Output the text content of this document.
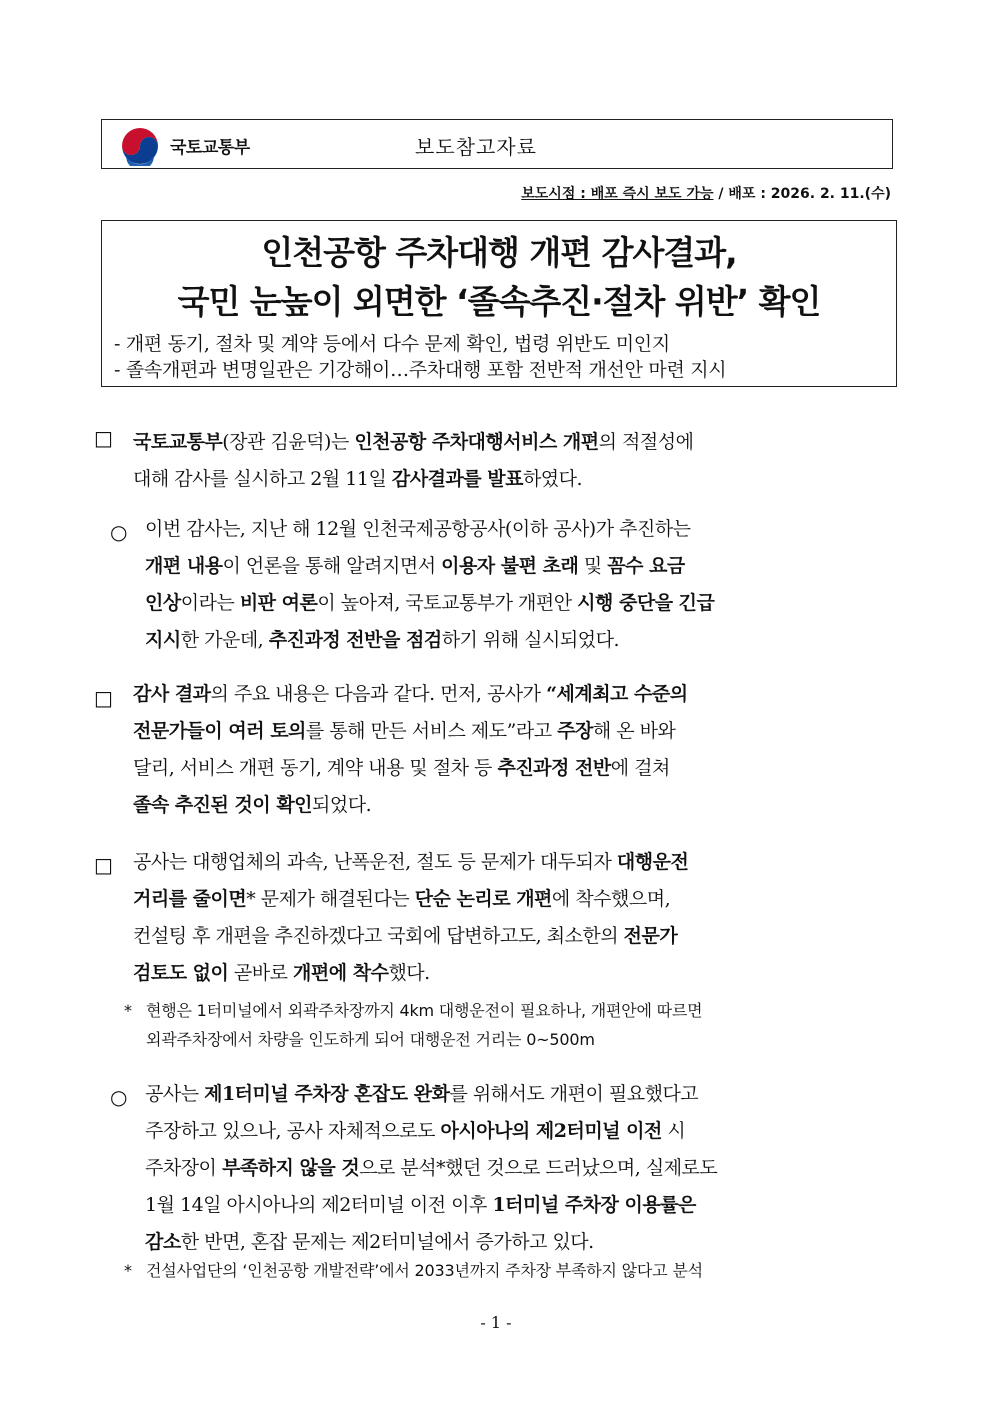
국토교통부	보도참고자료
보도시점 : 배포 즉시 보도 가능 / 배포 : 2026. 2. 11.(수)
인천공항 주차대행 개편 감사결과,
국민 눈높이 외면한 ‘졸속추진·절차 위반’ 확인
- 개편 동기, 절차 및 계약 등에서 다수 문제 확인, 법령 위반도 미인지
- 졸속개편과 변명일관은 기강해이…주차대행 포함 전반적 개선안 마련 지시
□ 국토교통부(장관 김윤덕)는 인천공항 주차대행서비스 개편의 적절성에
대해 감사를 실시하고 2월 11일 감사결과를 발표하였다.
○ 이번 감사는, 지난 해 12월 인천국제공항공사(이하 공사)가 추진하는
개편 내용이 언론을 통해 알려지면서 이용자 불편 초래 및 꼼수 요금
인상이라는 비판 여론이 높아져, 국토교통부가 개편안 시행 중단을 긴급
지시한 가운데, 추진과정 전반을 점검하기 위해 실시되었다.
□ 감사 결과의 주요 내용은 다음과 같다. 먼저, 공사가 “세계최고 수준의
전문가들이 여러 토의를 통해 만든 서비스 제도”라고 주장해 온 바와
달리, 서비스 개편 동기, 계약 내용 및 절차 등 추진과정 전반에 걸쳐
졸속 추진된 것이 확인되었다.
□ 공사는 대행업체의 과속, 난폭운전, 절도 등 문제가 대두되자 대행운전
거리를 줄이면* 문제가 해결된다는 단순 논리로 개편에 착수했으며,
컨설팅 후 개편을 추진하겠다고 국회에 답변하고도, 최소한의 전문가
검토도 없이 곧바로 개편에 착수했다.
* 현행은 1터미널에서 외곽주차장까지 4km 대행운전이 필요하나, 개편안에 따르면
외곽주차장에서 차량을 인도하게 되어 대행운전 거리는 0~500m
○ 공사는 제1터미널 주차장 혼잡도 완화를 위해서도 개편이 필요했다고
주장하고 있으나, 공사 자체적으로도 아시아나의 제2터미널 이전 시
주차장이 부족하지 않을 것으로 분석*했던 것으로 드러났으며, 실제로도
1월 14일 아시아나의 제2터미널 이전 이후 1터미널 주차장 이용률은
감소한 반면, 혼잡 문제는 제2터미널에서 증가하고 있다.
* 건설사업단의 ‘인천공항 개발전략’에서 2033년까지 주차장 부족하지 않다고 분석
- 1 -
